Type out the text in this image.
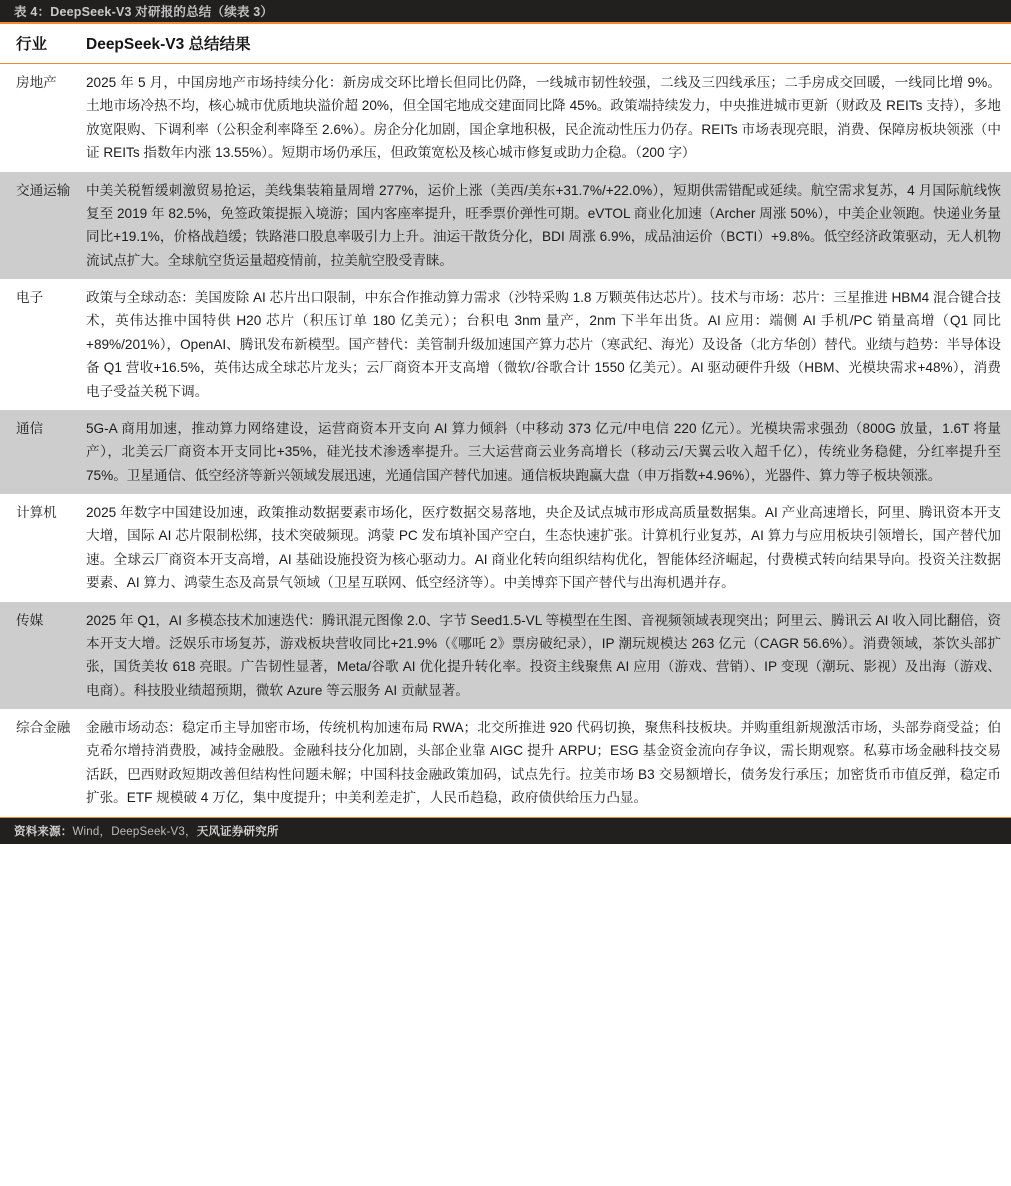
表 4：DeepSeek-V3 对研报的总结（续表 3）
行业	DeepSeek-V3 总结结果
房地产	2025 年 5 月，中国房地产市场持续分化：新房成交环比增长但同比仍降，一线城市韧性较强，二线及三四线承压；二手房成交回暖，一线同比增 9%。土地市场冷热不均，核心城市优质地块溢价超 20%，但全国宅地成交建面同比降 45%。政策端持续发力，中央推进城市更新（财政及 REITs 支持），多地放宽限购、下调利率（公积金利率降至 2.6%）。房企分化加剧，国企拿地积极，民企流动性压力仍存。REITs 市场表现亮眼，消费、保障房板块领涨（中证 REITs 指数年内涨 13.55%）。短期市场仍承压，但政策宽松及核心城市修复或助力企稳。（200 字）
交通运输	中美关税暂缓刺激贸易抢运，美线集装箱量周增 277%，运价上涨（美西/美东+31.7%/+22.0%），短期供需错配或延续。航空需求复苏，4 月国际航线恢复至 2019 年 82.5%，免签政策提振入境游；国内客座率提升，旺季票价弹性可期。eVTOL 商业化加速（Archer 周涨 50%），中美企业领跑。快递业务量同比+19.1%，价格战趋缓；铁路港口股息率吸引力上升。油运干散货分化，BDI 周涨 6.9%，成品油运价（BCTI）+9.8%。低空经济政策驱动，无人机物流试点扩大。全球航空货运量超疫情前，拉美航空股受青睐。
电子	政策与全球动态：美国废除 AI 芯片出口限制，中东合作推动算力需求（沙特采购 1.8 万颗英伟达芯片）。技术与市场：芯片：三星推进 HBM4 混合键合技术，英伟达推中国特供 H20 芯片（积压订单 180 亿美元）；台积电 3nm 量产，2nm 下半年出货。AI 应用：端侧 AI 手机/PC 销量高增（Q1 同比+89%/201%），OpenAI、腾讯发布新模型。国产替代：美管制升级加速国产算力芯片（寒武纪、海光）及设备（北方华创）替代。业绩与趋势：半导体设备 Q1 营收+16.5%，英伟达成全球芯片龙头；云厂商资本开支高增（微软/谷歌合计 1550 亿美元）。AI 驱动硬件升级（HBM、光模块需求+48%），消费电子受益关税下调。
通信	5G-A 商用加速，推动算力网络建设，运营商资本开支向 AI 算力倾斜（中移动 373 亿元/中电信 220 亿元）。光模块需求强劲（800G 放量，1.6T 将量产），北美云厂商资本开支同比+35%，硅光技术渗透率提升。三大运营商云业务高增长（移动云/天翼云收入超千亿），传统业务稳健，分红率提升至 75%。卫星通信、低空经济等新兴领域发展迅速，光通信国产替代加速。通信板块跑赢大盘（申万指数+4.96%），光器件、算力等子板块领涨。
计算机	2025 年数字中国建设加速，政策推动数据要素市场化，医疗数据交易落地，央企及试点城市形成高质量数据集。AI 产业高速增长，阿里、腾讯资本开支大增，国际 AI 芯片限制松绑，技术突破频现。鸿蒙 PC 发布填补国产空白，生态快速扩张。计算机行业复苏，AI 算力与应用板块引领增长，国产替代加速。全球云厂商资本开支高增，AI 基础设施投资为核心驱动力。AI 商业化转向组织结构优化，智能体经济崛起，付费模式转向结果导向。投资关注数据要素、AI 算力、鸿蒙生态及高景气领域（卫星互联网、低空经济等）。中美博弈下国产替代与出海机遇并存。
传媒	2025 年 Q1，AI 多模态技术加速迭代：腾讯混元图像 2.0、字节 Seed1.5-VL 等模型在生图、音视频领域表现突出；阿里云、腾讯云 AI 收入同比翻倍，资本开支大增。泛娱乐市场复苏，游戏板块营收同比+21.9%（《哪吒 2》票房破纪录），IP 潮玩规模达 263 亿元（CAGR 56.6%）。消费领域，茶饮头部扩张，国货美妆 618 亮眼。广告韧性显著，Meta/谷歌 AI 优化提升转化率。投资主线聚焦 AI 应用（游戏、营销）、IP 变现（潮玩、影视）及出海（游戏、电商）。科技股业绩超预期，微软 Azure 等云服务 AI 贡献显著。
综合金融	金融市场动态：稳定币主导加密市场，传统机构加速布局 RWA；北交所推进 920 代码切换，聚焦科技板块。并购重组新规激活市场，头部券商受益；伯克希尔增持消费股，减持金融股。金融科技分化加剧，头部企业靠 AIGC 提升 ARPU；ESG 基金资金流向存争议，需长期观察。私募市场金融科技交易活跃，巴西财政短期改善但结构性问题未解；中国科技金融政策加码，试点先行。拉美市场 B3 交易额增长，债务发行承压；加密货币市值反弹，稳定币扩张。ETF 规模破 4 万亿，集中度提升；中美利差走扩，人民币趋稳，政府债供给压力凸显。
资料来源： Wind，DeepSeek-V3， 天风证券研究所
